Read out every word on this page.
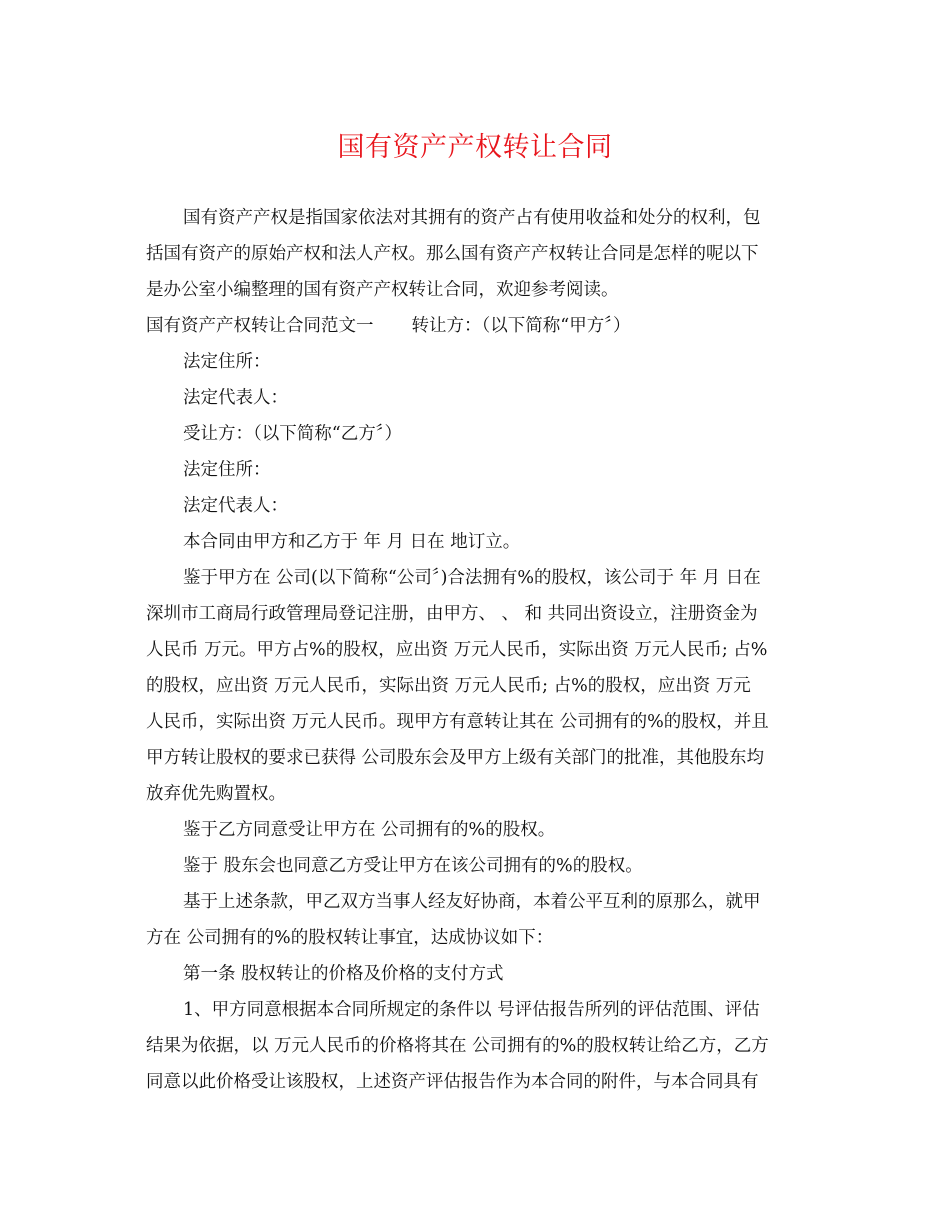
国有资产产权转让合同

国有资产产权是指国家依法对其拥有的资产占有使用收益和处分的权利，包

括国有资产的原始产权和法人产权。那么国有资产产权转让合同是怎样的呢以下

是办公室小编整理的国有资产产权转让合同，欢迎参考阅读。

国有资产产权转让合同范文一 转让方：（以下简称“甲方〞）

法定住所：

法定代表人：

受让方：（以下简称“乙方〞）

法定住所：

法定代表人：

本合同由甲方和乙方于 年 月 日在 地订立。

鉴于甲方在 公司(以下简称“公司〞)合法拥有%的股权，该公司于 年 月 日在

深圳市工商局行政管理局登记注册，由甲方、 、 和 共同出资设立，注册资金为

人民币 万元。甲方占%的股权，应出资 万元人民币，实际出资 万元人民币; 占%

的股权，应出资 万元人民币，实际出资 万元人民币; 占%的股权，应出资 万元

人民币，实际出资 万元人民币。现甲方有意转让其在 公司拥有的%的股权，并且

甲方转让股权的要求已获得 公司股东会及甲方上级有关部门的批准，其他股东均

放弃优先购置权。

鉴于乙方同意受让甲方在 公司拥有的%的股权。

鉴于 股东会也同意乙方受让甲方在该公司拥有的%的股权。

基于上述条款，甲乙双方当事人经友好协商，本着公平互利的原那么，就甲

方在 公司拥有的%的股权转让事宜，达成协议如下：

第一条 股权转让的价格及价格的支付方式

1、甲方同意根据本合同所规定的条件以 号评估报告所列的评估范围、评估

结果为依据，以 万元人民币的价格将其在 公司拥有的%的股权转让给乙方，乙方

同意以此价格受让该股权，上述资产评估报告作为本合同的附件，与本合同具有
